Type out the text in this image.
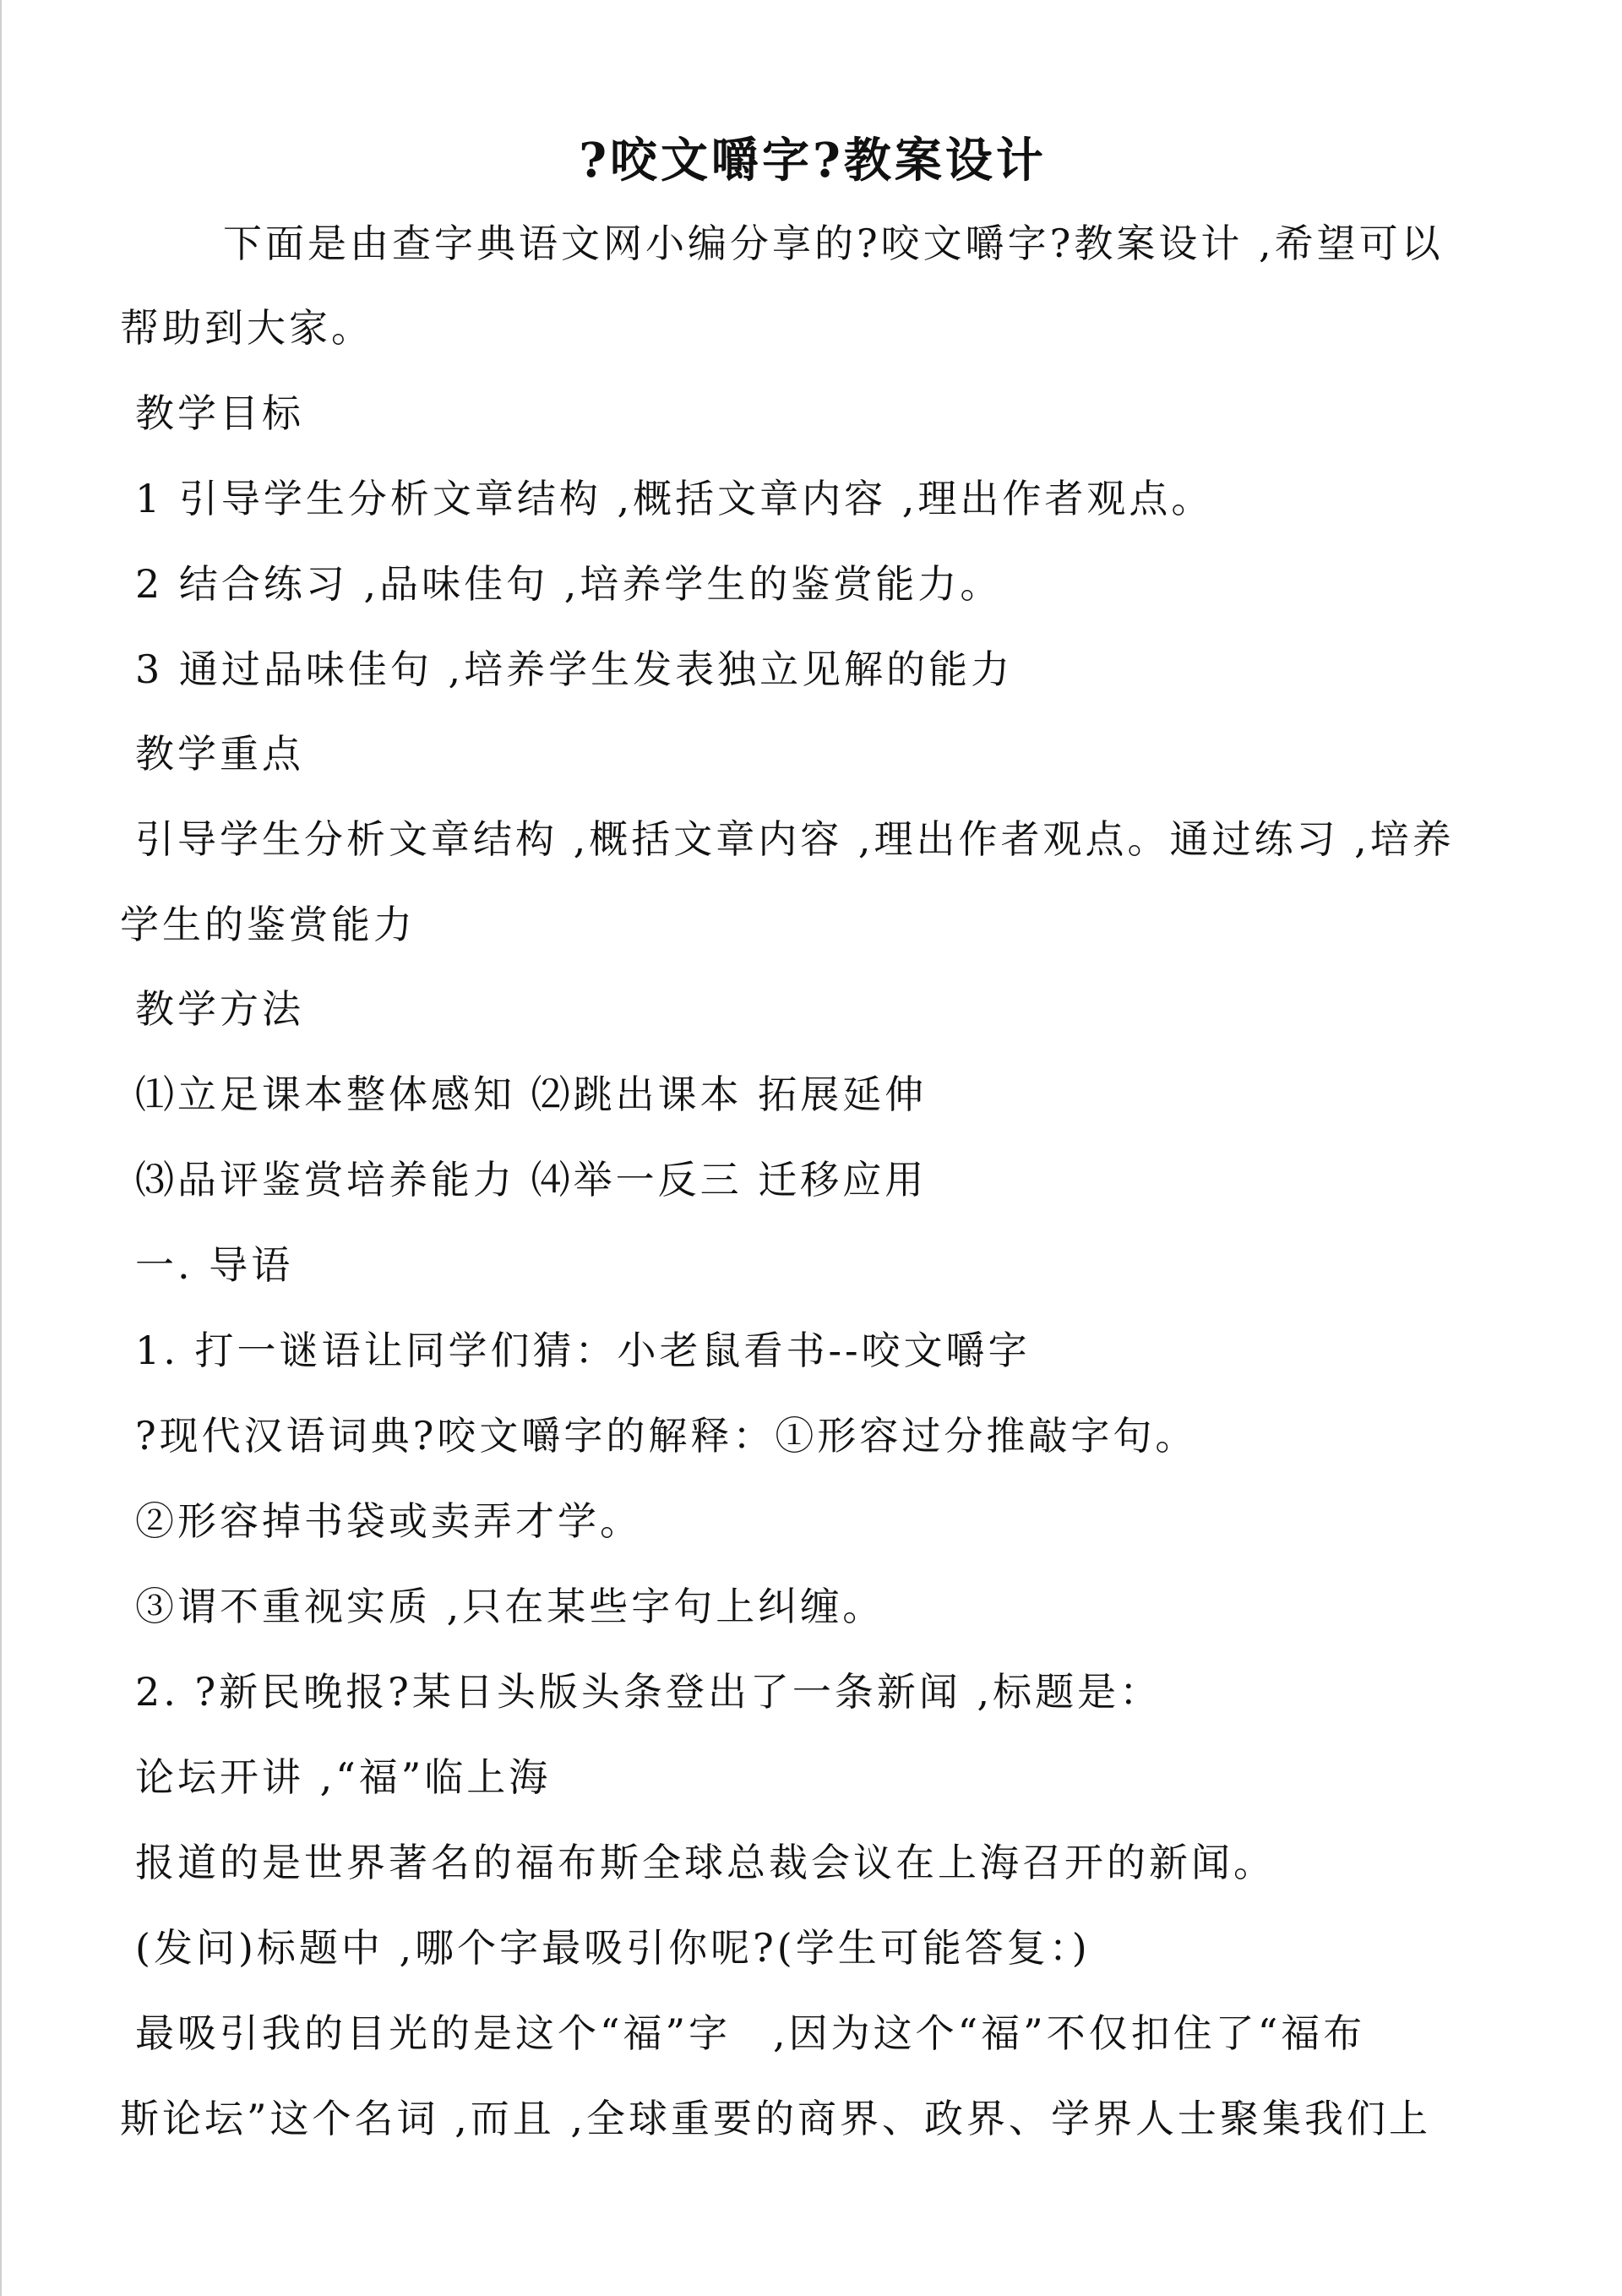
?咬文嚼字?教案设计
下面是由查字典语文网小编分享的?咬文嚼字?教案设计 ,希望可以
帮助到大家。
教学目标
1 引导学生分析文章结构 ,概括文章内容 ,理出作者观点。
2 结合练习 ,品味佳句 ,培养学生的鉴赏能力。
3 通过品味佳句 ,培养学生发表独立见解的能力
教学重点
引导学生分析文章结构 ,概括文章内容 ,理出作者观点。通过练习 ,培养
学生的鉴赏能力
教学方法
⑴立足课本整体感知 ⑵跳出课本 拓展延伸
⑶品评鉴赏培养能力 ⑷举一反三 迁移应用
一. 导语
1. 打一谜语让同学们猜：小老鼠看书--咬文嚼字
?现代汉语词典?咬文嚼字的解释：①形容过分推敲字句。
②形容掉书袋或卖弄才学。
③谓不重视实质 ,只在某些字句上纠缠。
2. ?新民晚报?某日头版头条登出了一条新闻 ,标题是：
论坛开讲 ,“福”临上海
报道的是世界著名的福布斯全球总裁会议在上海召开的新闻。
(发问)标题中 ,哪个字最吸引你呢?(学生可能答复：)
最吸引我的目光的是这个“福”字　,因为这个“福”不仅扣住了“福布
斯论坛”这个名词 ,而且 ,全球重要的商界、政界、学界人士聚集我们上
